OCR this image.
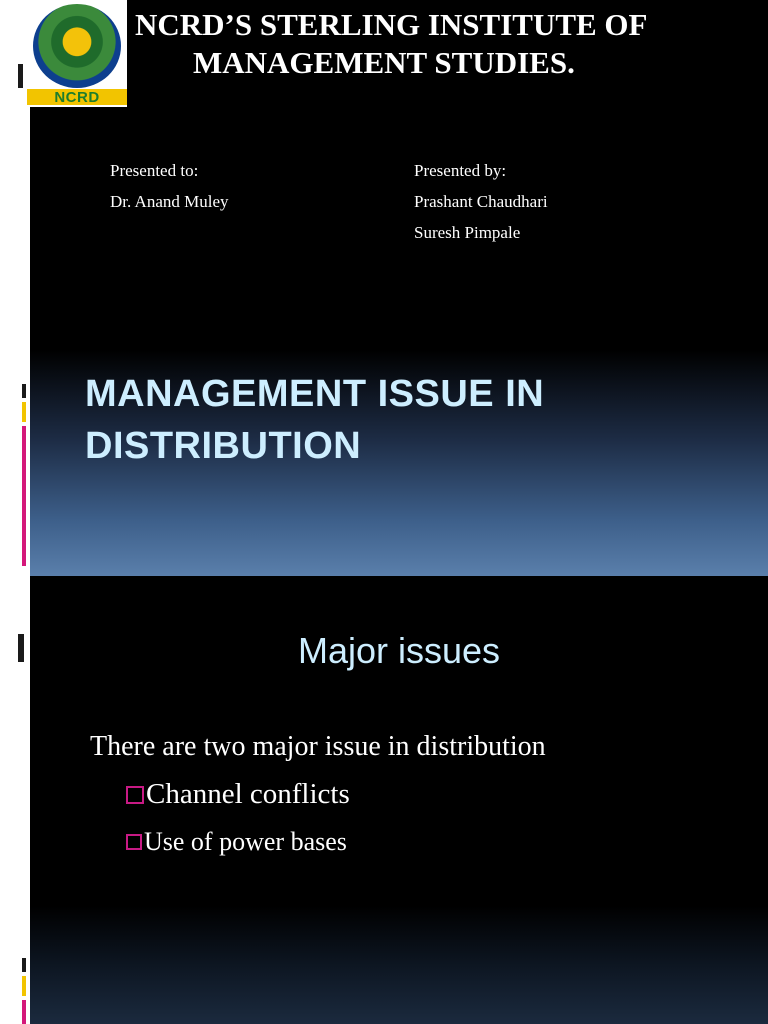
NCRD
NCRD’S STERLING INSTITUTE OF
MANAGEMENT STUDIES.
Presented to:
Dr. Anand Muley
Presented by:
Prashant Chaudhari
Suresh Pimpale
MANAGEMENT ISSUE IN
DISTRIBUTION
Major issues
There are two major issue in distribution
Channel conflicts
Use of power bases
